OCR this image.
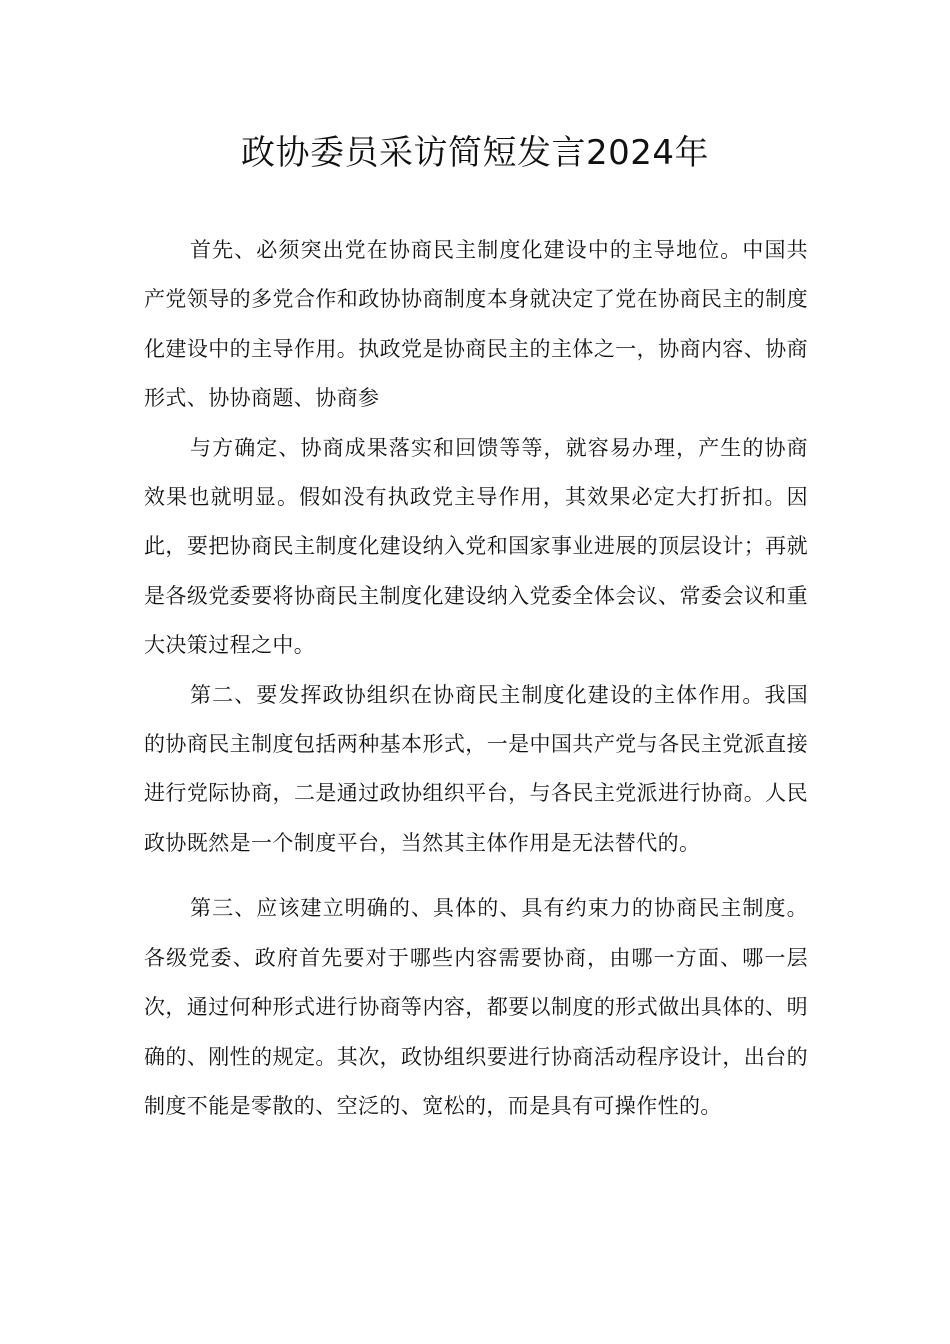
政协委员采访简短发言2024年

首先、必须突出党在协商民主制度化建设中的主导地位。中国共产党领导的多党合作和政协协商制度本身就决定了党在协商民主的制度化建设中的主导作用。执政党是协商民主的主体之一，协商内容、协商形式、协协商题、协商参

与方确定、协商成果落实和回馈等等，就容易办理，产生的协商效果也就明显。假如没有执政党主导作用，其效果必定大打折扣。因此，要把协商民主制度化建设纳入党和国家事业进展的顶层设计；再就是各级党委要将协商民主制度化建设纳入党委全体会议、常委会议和重大决策过程之中。

第二、要发挥政协组织在协商民主制度化建设的主体作用。我国的协商民主制度包括两种基本形式，一是中国共产党与各民主党派直接进行党际协商，二是通过政协组织平台，与各民主党派进行协商。人民政协既然是一个制度平台，当然其主体作用是无法替代的。

第三、应该建立明确的、具体的、具有约束力的协商民主制度。各级党委、政府首先要对于哪些内容需要协商，由哪一方面、哪一层次，通过何种形式进行协商等内容，都要以制度的形式做出具体的、明确的、刚性的规定。其次，政协组织要进行协商活动程序设计，出台的制度不能是零散的、空泛的、宽松的，而是具有可操作性的。
